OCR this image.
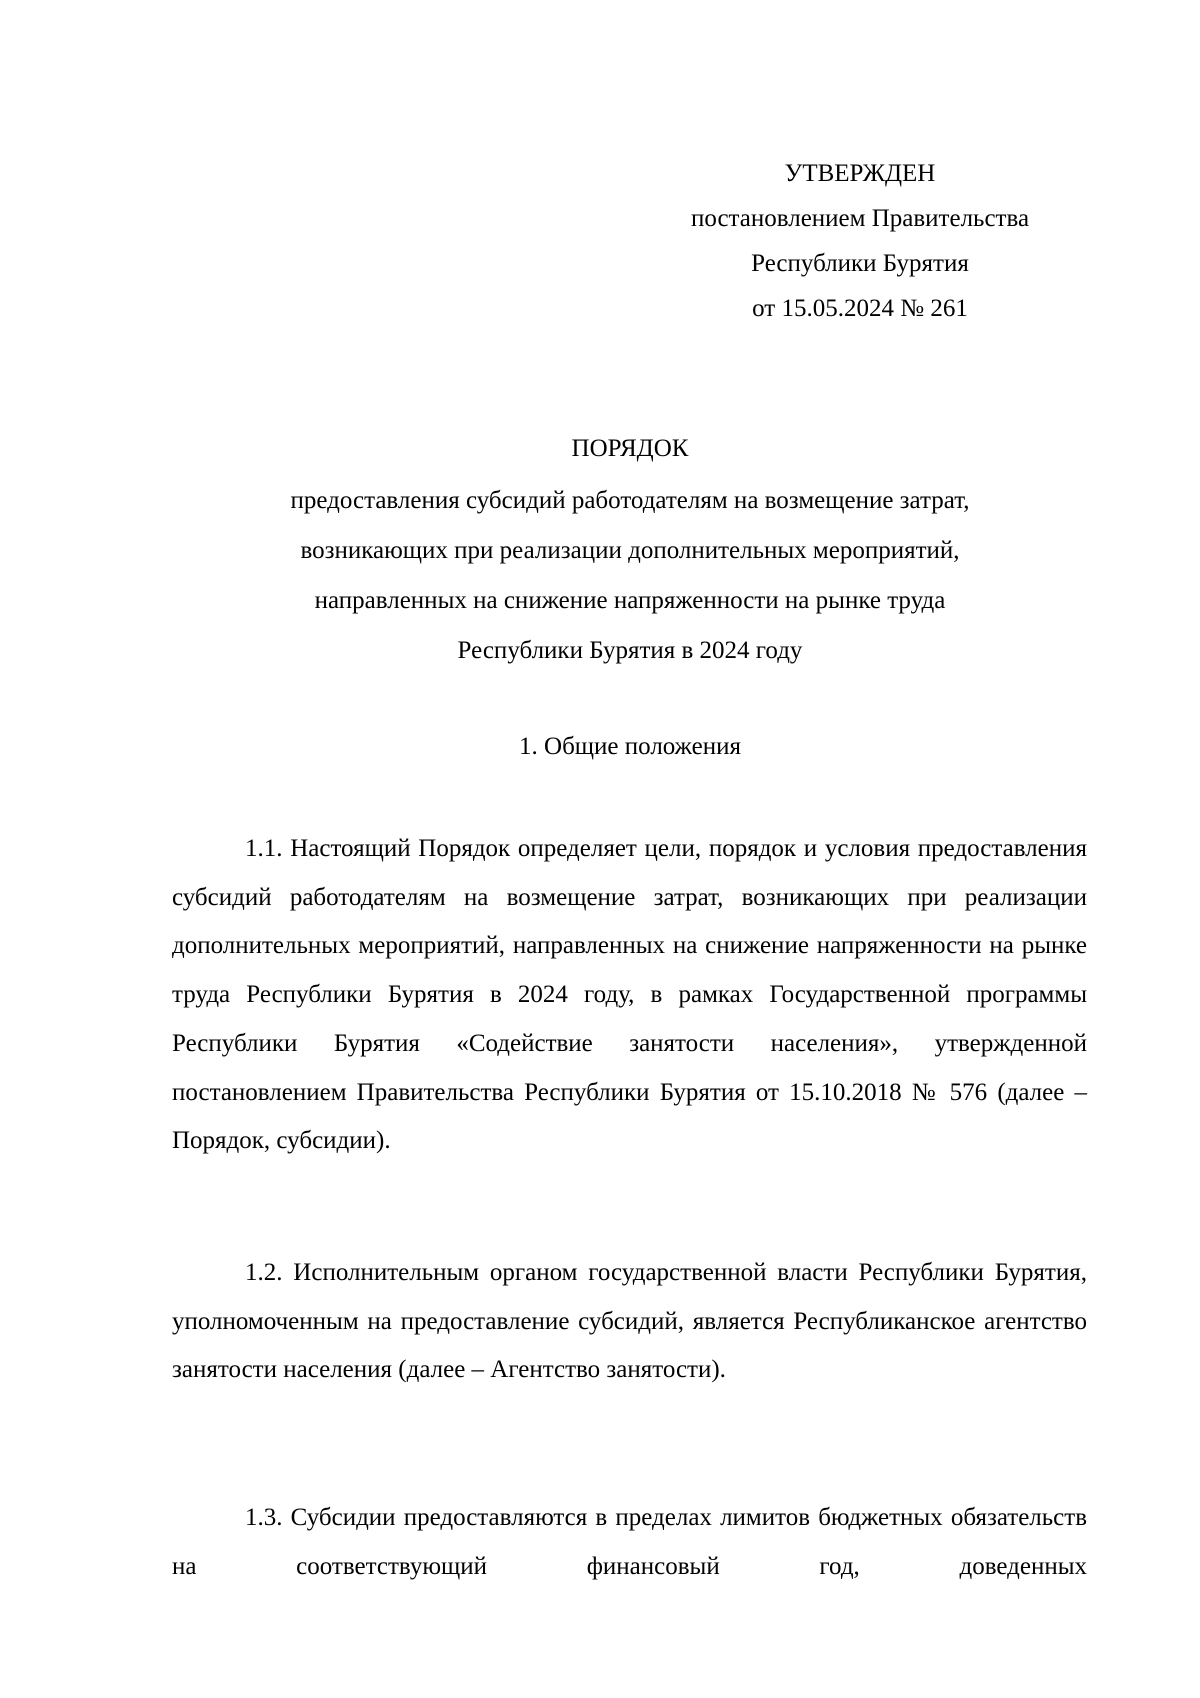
УТВЕРЖДЕН
постановлением Правительства
Республики Бурятия
от 15.05.2024 № 261
ПОРЯДОК
предоставления субсидий работодателям на возмещение затрат,
возникающих при реализации дополнительных мероприятий,
направленных на снижение напряженности на рынке труда
Республики Бурятия в 2024 году
1. Общие положения

1.1. Настоящий Порядок определяет цели, порядок и условия предоставления субсидий работодателям на возмещение затрат, возникающих при реализации дополнительных мероприятий, направленных на снижение напряженности на рынке труда Республики Бурятия в 2024 году, в рамках Государственной программы Республики Бурятия «Содействие занятости населения», утвержденной постановлением Правительства Республики Бурятия от 15.10.2018 № 576 (далее – Порядок, субсидии).

1.2. Исполнительным органом государственной власти Республики Бурятия, уполномоченным на предоставление субсидий, является Республиканское агентство занятости населения (далее – Агентство занятости).

1.3. Субсидии предоставляются в пределах лимитов бюджетных обязательств на соответствующий финансовый год, доведенных
